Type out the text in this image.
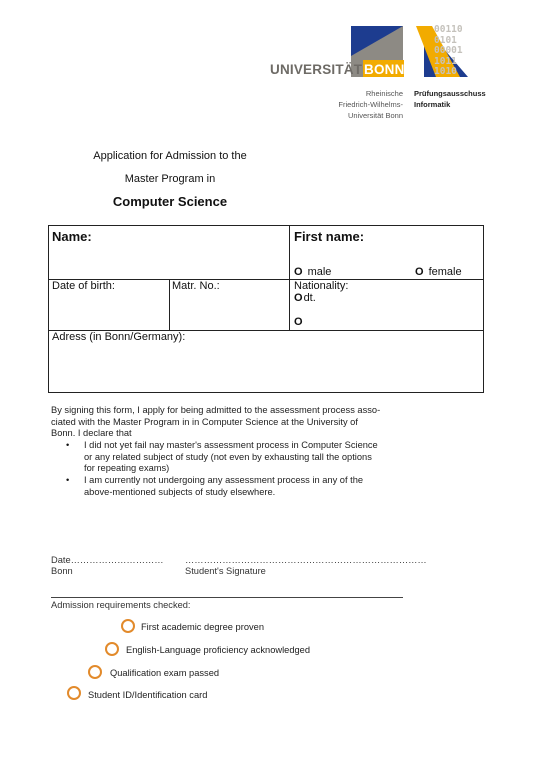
UNIVERSITÄT BONN
00110
0101
00001
1011
1010
Rheinische
Friedrich-Wilhelms-
Universität Bonn
Prüfungsausschuss
Informatik
Application for Admission to the
Master Program in
Computer Science
Name:	First name:
O male	O female
Date of birth:	Matr. No.:	Nationality:
Odt.
O
Adress (in Bonn/Germany):
By signing this form, I apply for being admitted to the assessment process asso-
ciated with the Master Program in in Computer Science at the University of
Bonn. I declare that
• I did not yet fail nay master's assessment process in Computer Science
or any related subject of study (not even by exhausting tall the options
for repeating exams)
• I am currently not undergoing any assessment process in any of the
above-mentioned subjects of study elsewhere.
Date…………………………
Bonn
……………………………………………………………………
Student's Signature
Admission requirements checked:
First academic degree proven
English-Language proficiency acknowledged
Qualification exam passed
Student ID/Identification card
